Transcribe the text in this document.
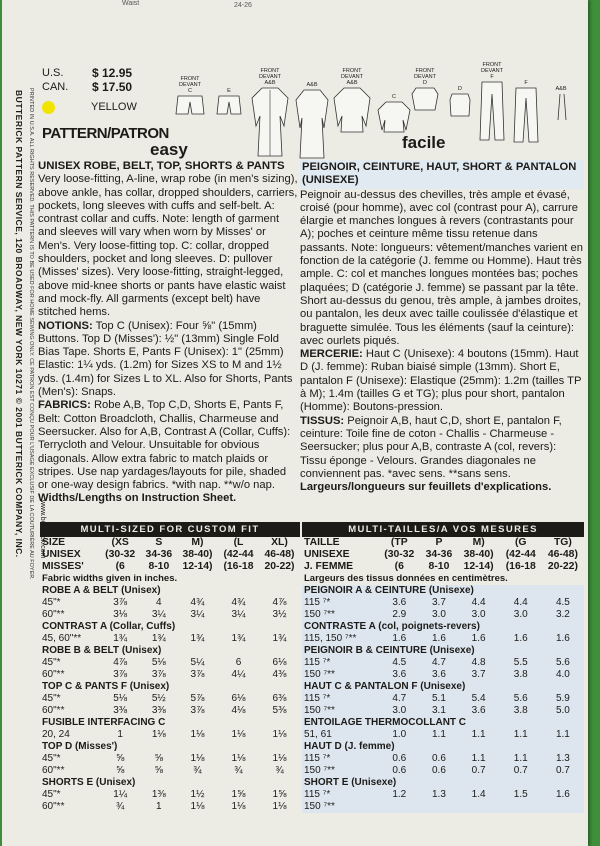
BUTTERICK PATTERN SERVICE, 120 BROADWAY, NEW YORK 10271 © 2001 BUTTERICK COMPANY, INC. PRINTED IN U.S.A. ALL RIGHTS RESERVED. THIS PATTERN IS TO BE USED FOR HOME SEWING ONLY. CE PATRON EST CONÇU POUR L'USAGE EXCLUSIF DE LA COUTURIÈRE AU FOYER.
Waist	24-26
U.S.	$ 12.95
CAN.	$ 17.50
YELLOW
PATTERN/PATRON
easy	facile
FRONT DEVANT
C	E
FRONT DEVANT
A&B	A&B
FRONT DEVANT
A&B
C
FRONT DEVANT
D
D
FRONT DEVANT
F
F
A&B
UNISEX ROBE, BELT, TOP, SHORTS & PANTS

Very loose-fitting, A-line, wrap robe (in men's sizing), above ankle, has collar, dropped shoulders, carriers, pockets, long sleeves with cuffs and self-belt. A: contrast collar and cuffs. Note: length of garment and sleeves will vary when worn by Misses' or Men's. Very loose-fitting top. C: collar, dropped shoulders, pocket and long sleeves. D: pullover (Misses' sizes). Very loose-fitting, straight-legged, above mid-knee shorts or pants have elastic waist and mock-fly. All garments (except belt) have stitched hems.

NOTIONS: Top C (Unisex): Four ⅝" (15mm) Buttons. Top D (Misses'): ½" (13mm) Single Fold Bias Tape. Shorts E, Pants F (Unisex): 1" (25mm) Elastic: 1¼ yds. (1.2m) for Sizes XS to M and 1½ yds. (1.4m) for Sizes L to XL. Also for Shorts, Pants (Men's): Snaps.

FABRICS: Robe A,B, Top C,D, Shorts E, Pants F, Belt: Cotton Broadcloth, Challis, Charmeuse and Seersucker. Also for A,B, Contrast A (Collar, Cuffs): Terrycloth and Velour. Unsuitable for obvious diagonals. Allow extra fabric to match plaids or stripes. Use nap yardages/layouts for pile, shaded or one-way design fabrics. *with nap. **w/o nap.

Widths/Lengths on Instruction Sheet.

PEIGNOIR, CEINTURE, HAUT, SHORT & PANTALON (UNISEXE)

Peignoir au-dessus des chevilles, très ample et évasé, croisé (pour homme), avec col (contrast pour A), carrure élargie et manches longues à revers (contrastants pour A); poches et ceinture même tissu retenue dans passants. Note: longueurs: vêtement/manches varient en fonction de la catégorie (J. femme ou Homme). Haut très ample. C: col et manches longues montées bas; poches plaquées; D (catégorie J. femme) se passant par la tête. Short au-dessus du genou, très ample, à jambes droites, ou pantalon, les deux avec taille coulissée d'élastique et braguette simulée. Tous les éléments (sauf la ceinture): avec ourlets piqués.

MERCERIE: Haut C (Unisexe): 4 boutons (15mm). Haut D (J. femme): Ruban biaisé simple (13mm). Short E, pantalon F (Unisexe): Elastique (25mm): 1.2m (tailles TP à M); 1.4m (tailles G et TG); plus pour short, pantalon (Homme): Boutons-pression.

TISSUS: Peignoir A,B, haut C,D, short E, pantalon F, ceinture: Toile fine de coton - Challis - Charmeuse - Seersucker; plus pour A,B, contraste A (col, revers): Tissu éponge - Velours. Grandes diagonales ne conviennent pas. *avec sens. **sans sens.

Largeurs/longueurs sur feuillets d'explications.

MULTI-SIZED FOR CUSTOM FIT
SIZE	(XS	S	M)	(L	XL)
UNISEX	(30-32	34-36	38-40)	(42-44	46-48)
MISSES'	(6	8-10	12-14)	(16-18	20-22)
Fabric widths given in inches.					
ROBE A & BELT (Unisex)					
45"*	3⅞	4	4¾	4¾	4⅞
60"**	3⅛	3¼	3¼	3¼	3½
CONTRAST A (Collar, Cuffs)					
45, 60"**	1¾	1¾	1¾	1¾	1¾
ROBE B & BELT (Unisex)					
45"*	4⅞	5⅛	5¼	6	6⅛
60"**	3⅞	3⅞	3⅞	4¼	4⅜
TOP C & PANTS F (Unisex)					
45"*	5⅛	5½	5⅞	6⅛	6⅜
60"**	3⅜	3⅜	3⅞	4⅛	5⅜
FUSIBLE INTERFACING C					
20, 24	1	1⅛	1⅛	1⅛	1⅛
TOP D (Misses')					
45"*	⅝	⅝	1⅛	1⅛	1⅛
60"**	⅝	⅝	¾	¾	¾
SHORTS E (Unisex)					
45"*	1¼	1⅜	1½	1⅝	1⅝
60"**	¾	1	1⅛	1⅛	1⅛
MULTI-TAILLES/A VOS MESURES
TAILLE	(TP	P	M)	(G	TG)
UNISEXE	(30-32	34-36	38-40)	(42-44	46-48)
J. FEMME	(6	8-10	12-14)	(16-18	20-22)
Largeurs des tissus données en centimètres.					
PEIGNOIR A & CEINTURE (Unisexe)					
115 ⁷*	3.6	3.7	4.4	4.4	4.5
150 ⁷**	2.9	3.0	3.0	3.0	3.2
CONTRASTE A (col, poignets-revers)					
115, 150 ⁷**	1.6	1.6	1.6	1.6	1.6
PEIGNOIR B & CEINTURE (Unisexe)					
115 ⁷*	4.5	4.7	4.8	5.5	5.6
150 ⁷**	3.6	3.6	3.7	3.8	4.0
HAUT C & PANTALON F (Unisexe)					
115 ⁷*	4.7	5.1	5.4	5.6	5.9
150 ⁷**	3.0	3.1	3.6	3.8	5.0
ENTOILAGE THERMOCOLLANT C					
51, 61	1.0	1.1	1.1	1.1	1.1
HAUT D (J. femme)					
115 ⁷*	0.6	0.6	1.1	1.1	1.3
150 ⁷**	0.6	0.6	0.7	0.7	0.7
SHORT E (Unisexe)					
115 ⁷*	1.2	1.3	1.4	1.5	1.6
150 ⁷**					
